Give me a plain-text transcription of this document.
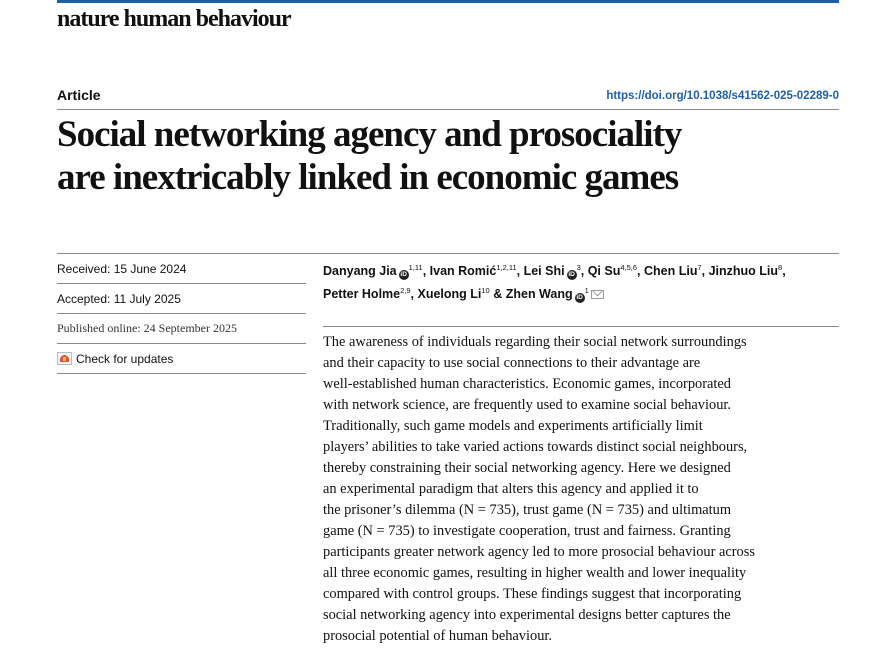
nature human behaviour
Article	https://doi.org/10.1038/s41562-025-02289-0
Social networking agency and prosociality
are inextricably linked in economic games
Received: 15 June 2024
Accepted: 11 July 2025
Published online: 24 September 2025
Check for updates
Danyang Jia iD$^{1,11}$, Ivan Romić$^{1,2,11}$, Lei Shi $iD^3$, Qi Su$^{4,5,6}$, Chen Liu$^7$, Jinzhuo Liu$^8$,
Petter Holme$^{2,9}$, Xuelong Li$^{10}$ & Zhen Wang $iD^1$

The awareness of individuals regarding their social network surroundings
and their capacity to use social connections to their advantage are
well-established human characteristics. Economic games, incorporated
with network science, are frequently used to examine social behaviour.
Traditionally, such game models and experiments artificially limit
players’ abilities to take varied actions towards distinct social neighbours,
thereby constraining their social networking agency. Here we designed
an experimental paradigm that alters this agency and applied it to
the prisoner’s dilemma (N = 735), trust game (N = 735) and ultimatum
game (N = 735) to investigate cooperation, trust and fairness. Granting
participants greater network agency led to more prosocial behaviour across
all three economic games, resulting in higher wealth and lower inequality
compared with control groups. These findings suggest that incorporating
social networking agency into experimental designs better captures the
prosocial potential of human behaviour.
